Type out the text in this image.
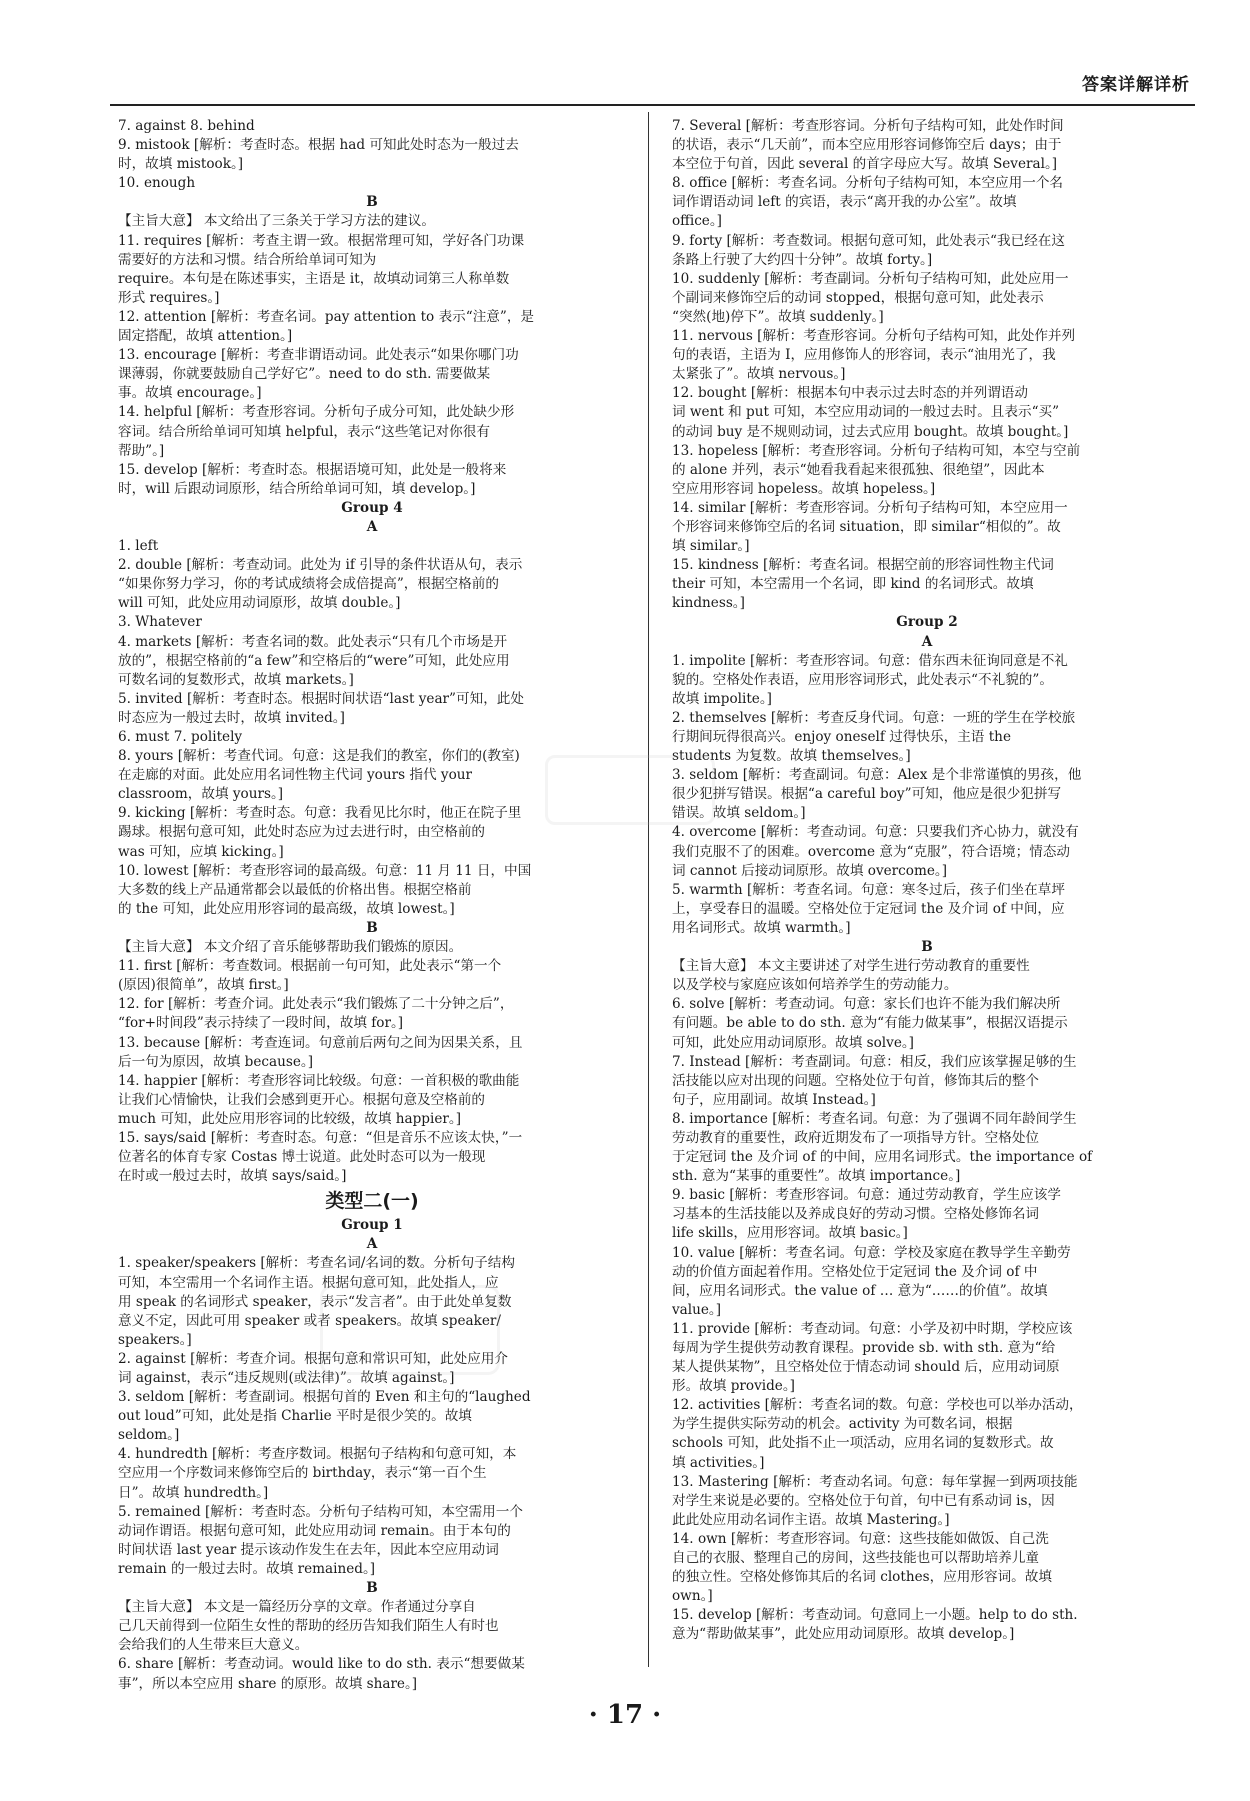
答案详解详析
7. against 8. behind
9. mistook [解析：考查时态。根据 had 可知此处时态为一般过去
时，故填 mistook。]
10. enough
B
【主旨大意】 本文给出了三条关于学习方法的建议。
11. requires [解析：考查主谓一致。根据常理可知，学好各门功课
需要好的方法和习惯。结合所给单词可知为
require。本句是在陈述事实，主语是 it，故填动词第三人称单数
形式 requires。]
12. attention [解析：考查名词。pay attention to 表示“注意”，是
固定搭配，故填 attention。]
13. encourage [解析：考查非谓语动词。此处表示“如果你哪门功
课薄弱，你就要鼓励自己学好它”。need to do sth. 需要做某
事。故填 encourage。]
14. helpful [解析：考查形容词。分析句子成分可知，此处缺少形
容词。结合所给单词可知填 helpful，表示“这些笔记对你很有
帮助”。]
15. develop [解析：考查时态。根据语境可知，此处是一般将来
时，will 后跟动词原形，结合所给单词可知，填 develop。]
Group 4
A
1. left
2. double [解析：考查动词。此处为 if 引导的条件状语从句，表示
“如果你努力学习，你的考试成绩将会成倍提高”，根据空格前的
will 可知，此处应用动词原形，故填 double。]
3. Whatever
4. markets [解析：考查名词的数。此处表示“只有几个市场是开
放的”，根据空格前的“a few”和空格后的“were”可知，此处应用
可数名词的复数形式，故填 markets。]
5. invited [解析：考查时态。根据时间状语“last year”可知，此处
时态应为一般过去时，故填 invited。]
6. must 7. politely
8. yours [解析：考查代词。句意：这是我们的教室，你们的(教室)
在走廊的对面。此处应用名词性物主代词 yours 指代 your
classroom，故填 yours。]
9. kicking [解析：考查时态。句意：我看见比尔时，他正在院子里
踢球。根据句意可知，此处时态应为过去进行时，由空格前的
was 可知，应填 kicking。]
10. lowest [解析：考查形容词的最高级。句意：11 月 11 日，中国
大多数的线上产品通常都会以最低的价格出售。根据空格前
的 the 可知，此处应用形容词的最高级，故填 lowest。]
B
【主旨大意】 本文介绍了音乐能够帮助我们锻炼的原因。
11. first [解析：考查数词。根据前一句可知，此处表示“第一个
(原因)很简单”，故填 first。]
12. for [解析：考查介词。此处表示“我们锻炼了二十分钟之后”，
“for+时间段”表示持续了一段时间，故填 for。]
13. because [解析：考查连词。句意前后两句之间为因果关系，且
后一句为原因，故填 because。]
14. happier [解析：考查形容词比较级。句意：一首积极的歌曲能
让我们心情愉快，让我们会感到更开心。根据句意及空格前的
much 可知，此处应用形容词的比较级，故填 happier。]
15. says/said [解析：考查时态。句意：“但是音乐不应该太快，”一
位著名的体育专家 Costas 博士说道。此处时态可以为一般现
在时或一般过去时，故填 says/said。]
类型二(一)
Group 1
A
1. speaker/speakers [解析：考查名词/名词的数。分析句子结构
可知，本空需用一个名词作主语。根据句意可知，此处指人，应
用 speak 的名词形式 speaker，表示“发言者”。由于此处单复数
意义不定，因此可用 speaker 或者 speakers。故填 speaker/
speakers。]
2. against [解析：考查介词。根据句意和常识可知，此处应用介
词 against，表示“违反规则(或法律)”。故填 against。]
3. seldom [解析：考查副词。根据句首的 Even 和主句的“laughed
out loud”可知，此处是指 Charlie 平时是很少笑的。故填
seldom。]
4. hundredth [解析：考查序数词。根据句子结构和句意可知，本
空应用一个序数词来修饰空后的 birthday，表示“第一百个生
日”。故填 hundredth。]
5. remained [解析：考查时态。分析句子结构可知，本空需用一个
动词作谓语。根据句意可知，此处应用动词 remain。由于本句的
时间状语 last year 提示该动作发生在去年，因此本空应用动词
remain 的一般过去时。故填 remained。]
B
【主旨大意】 本文是一篇经历分享的文章。作者通过分享自
己几天前得到一位陌生女性的帮助的经历告知我们陌生人有时也
会给我们的人生带来巨大意义。
6. share [解析：考查动词。would like to do sth. 表示“想要做某
事”，所以本空应用 share 的原形。故填 share。]
7. Several [解析：考查形容词。分析句子结构可知，此处作时间
的状语，表示“几天前”，而本空应用形容词修饰空后 days；由于
本空位于句首，因此 several 的首字母应大写。故填 Several。]
8. office [解析：考查名词。分析句子结构可知，本空应用一个名
词作谓语动词 left 的宾语，表示“离开我的办公室”。故填
office。]
9. forty [解析：考查数词。根据句意可知，此处表示“我已经在这
条路上行驶了大约四十分钟”。故填 forty。]
10. suddenly [解析：考查副词。分析句子结构可知，此处应用一
个副词来修饰空后的动词 stopped，根据句意可知，此处表示
“突然(地)停下”。故填 suddenly。]
11. nervous [解析：考查形容词。分析句子结构可知，此处作并列
句的表语，主语为 I，应用修饰人的形容词，表示“油用光了，我
太紧张了”。故填 nervous。]
12. bought [解析：根据本句中表示过去时态的并列谓语动
词 went 和 put 可知，本空应用动词的一般过去时。且表示“买”
的动词 buy 是不规则动词，过去式应用 bought。故填 bought。]
13. hopeless [解析：考查形容词。分析句子结构可知，本空与空前
的 alone 并列，表示“她看我看起来很孤独、很绝望”，因此本
空应用形容词 hopeless。故填 hopeless。]
14. similar [解析：考查形容词。分析句子结构可知，本空应用一
个形容词来修饰空后的名词 situation，即 similar“相似的”。故
填 similar。]
15. kindness [解析：考查名词。根据空前的形容词性物主代词
their 可知，本空需用一个名词，即 kind 的名词形式。故填
kindness。]
Group 2
A
1. impolite [解析：考查形容词。句意：借东西未征询同意是不礼
貌的。空格处作表语，应用形容词形式，此处表示“不礼貌的”。
故填 impolite。]
2. themselves [解析：考查反身代词。句意：一班的学生在学校旅
行期间玩得很高兴。enjoy oneself 过得快乐，主语 the
students 为复数。故填 themselves。]
3. seldom [解析：考查副词。句意：Alex 是个非常谨慎的男孩，他
很少犯拼写错误。根据“a careful boy”可知，他应是很少犯拼写
错误。故填 seldom。]
4. overcome [解析：考查动词。句意：只要我们齐心协力，就没有
我们克服不了的困难。overcome 意为“克服”，符合语境；情态动
词 cannot 后接动词原形。故填 overcome。]
5. warmth [解析：考查名词。句意：寒冬过后，孩子们坐在草坪
上，享受春日的温暖。空格处位于定冠词 the 及介词 of 中间，应
用名词形式。故填 warmth。]
B
【主旨大意】 本文主要讲述了对学生进行劳动教育的重要性
以及学校与家庭应该如何培养学生的劳动能力。
6. solve [解析：考查动词。句意：家长们也许不能为我们解决所
有问题。be able to do sth. 意为“有能力做某事”，根据汉语提示
可知，此处应用动词原形。故填 solve。]
7. Instead [解析：考查副词。句意：相反，我们应该掌握足够的生
活技能以应对出现的问题。空格处位于句首，修饰其后的整个
句子，应用副词。故填 Instead。]
8. importance [解析：考查名词。句意：为了强调不同年龄间学生
劳动教育的重要性，政府近期发布了一项指导方针。空格处位
于定冠词 the 及介词 of 的中间，应用名词形式。the importance of
sth. 意为“某事的重要性”。故填 importance。]
9. basic [解析：考查形容词。句意：通过劳动教育，学生应该学
习基本的生活技能以及养成良好的劳动习惯。空格处修饰名词
life skills，应用形容词。故填 basic。]
10. value [解析：考查名词。句意：学校及家庭在教导学生辛勤劳
动的价值方面起着作用。空格处位于定冠词 the 及介词 of 中
间，应用名词形式。the value of … 意为“……的价值”。故填
value。]
11. provide [解析：考查动词。句意：小学及初中时期，学校应该
每周为学生提供劳动教育课程。provide sb. with sth. 意为“给
某人提供某物”，且空格处位于情态动词 should 后，应用动词原
形。故填 provide。]
12. activities [解析：考查名词的数。句意：学校也可以举办活动，
为学生提供实际劳动的机会。activity 为可数名词，根据
schools 可知，此处指不止一项活动，应用名词的复数形式。故
填 activities。]
13. Mastering [解析：考查动名词。句意：每年掌握一到两项技能
对学生来说是必要的。空格处位于句首，句中已有系动词 is，因
此此处应用动名词作主语。故填 Mastering。]
14. own [解析：考查形容词。句意：这些技能如做饭、自己洗
自己的衣服、整理自己的房间，这些技能也可以帮助培养儿童
的独立性。空格处修饰其后的名词 clothes，应用形容词。故填
own。]
15. develop [解析：考查动词。句意同上一小题。help to do sth.
意为“帮助做某事”，此处应用动词原形。故填 develop。]
· 17 ·
